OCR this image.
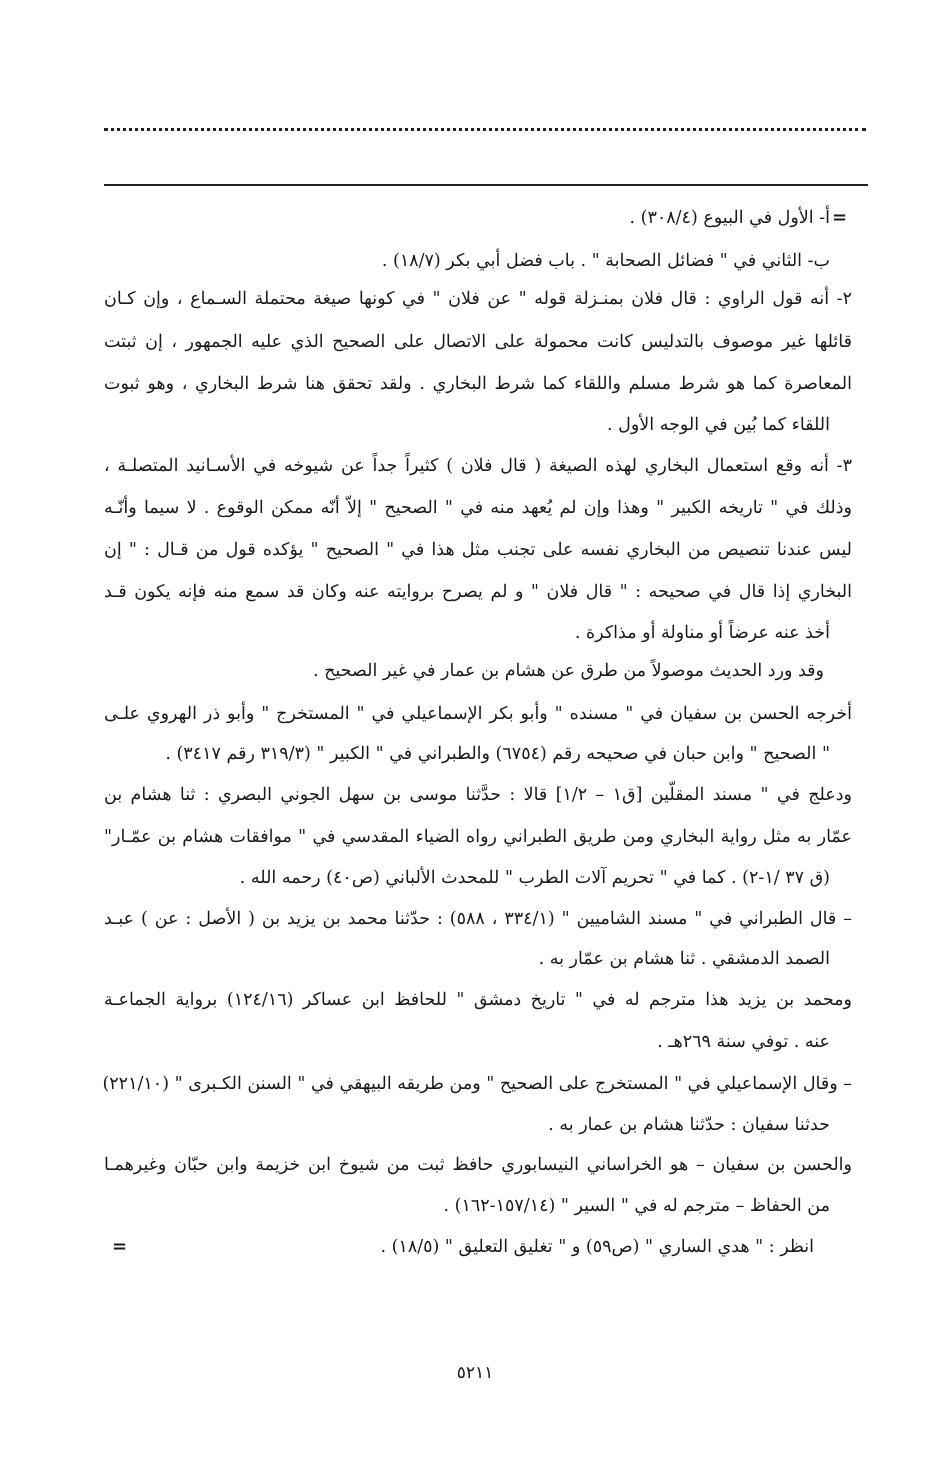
=
أ- الأول في البيوع (٣٠٨/٤) .
ب- الثاني في " فضائل الصحابة " . باب فضل أبي بكر (١٨/٧) .
٢- أنه قول الراوي : قال فلان بمنـزلة قوله " عن فلان " في كونها صيغة محتملة السـماع ، وإن كـان
قائلها غير موصوف بالتدليس كانت محمولة على الاتصال على الصحيح الذي عليه الجمهور ، إن ثبتت
المعاصرة كما هو شرط مسلم واللقاء كما شرط البخاري . ولقد تحقق هنا شرط البخاري ، وهو ثبوت
اللقاء كما بُين في الوجه الأول .
٣- أنه وقع استعمال البخاري لهذه الصيغة ( قال فلان ) كثيراً جداً عن شيوخه في الأسـانيد المتصلـة ،
وذلك في " تاريخه الكبير " وهذا وإن لم يُعهد منه في " الصحيح " إلاّ أنّه ممكن الوقوع . لا سيما وأنّـه
ليس عندنا تنصيص من البخاري نفسه على تجنب مثل هذا في " الصحيح " يؤكده قول من قـال : " إن
البخاري إذا قال في صحيحه : " قال فلان " و لم يصرح بروايته عنه وكان قد سمع منه فإنه يكون قـد
أخذ عنه عرضاً أو مناولة أو مذاكرة .
وقد ورد الحديث موصولاً من طرق عن هشام بن عمار في غير الصحيح .
أخرجه الحسن بن سفيان في " مسنده " وأبو بكر الإسماعيلي في " المستخرج " وأبو ذر الهروي علـى
" الصحيح " وابن حبان في صحيحه رقم (٦٧٥٤) والطبراني في " الكبير " (٣١٩/٣ رقم ٣٤١٧) .
ودعلج في " مسند المقلّين [ق١ – ١/٢] قالا : حدَّثنا موسى بن سهل الجوني البصري : ثنا هشام بن
عمّار به مثل رواية البخاري ومن طريق الطبراني رواه الضياء المقدسي في " موافقات هشام بن عمّـار"
(ق ٣٧ /١-٢) . كما في " تحريم آلات الطرب " للمحدث الألباني (ص٤٠) رحمه الله .
– قال الطبراني في " مسند الشاميين " (٣٣٤/١ ، ٥٨٨) : حدّثنا محمد بن يزيد بن ( الأصل : عن ) عبـد
الصمد الدمشقي . ثنا هشام بن عمّار به .
ومحمد بن يزيد هذا مترجم له في " تاريخ دمشق " للحافظ ابن عساكر (١٢٤/١٦) برواية الجماعـة
عنه . توفي سنة ٢٦٩هـ .
– وقال الإسماعيلي في " المستخرج على الصحيح " ومن طريقه البيهقي في " السنن الكـبرى " (٢٢١/١٠)
حدثنا سفيان : حدّثنا هشام بن عمار به .
والحسن بن سفيان – هو الخراساني النيسابوري حافظ ثبت من شيوخ ابن خزيمة وابن حبّان وغيرهمـا
من الحفاظ – مترجم له في " السير " (١٥٧/١٤-١٦٢) .
انظر : " هدي الساري " (ص٥٩) و " تغليق التعليق " (١٨/٥) .
=
٥٢١١
